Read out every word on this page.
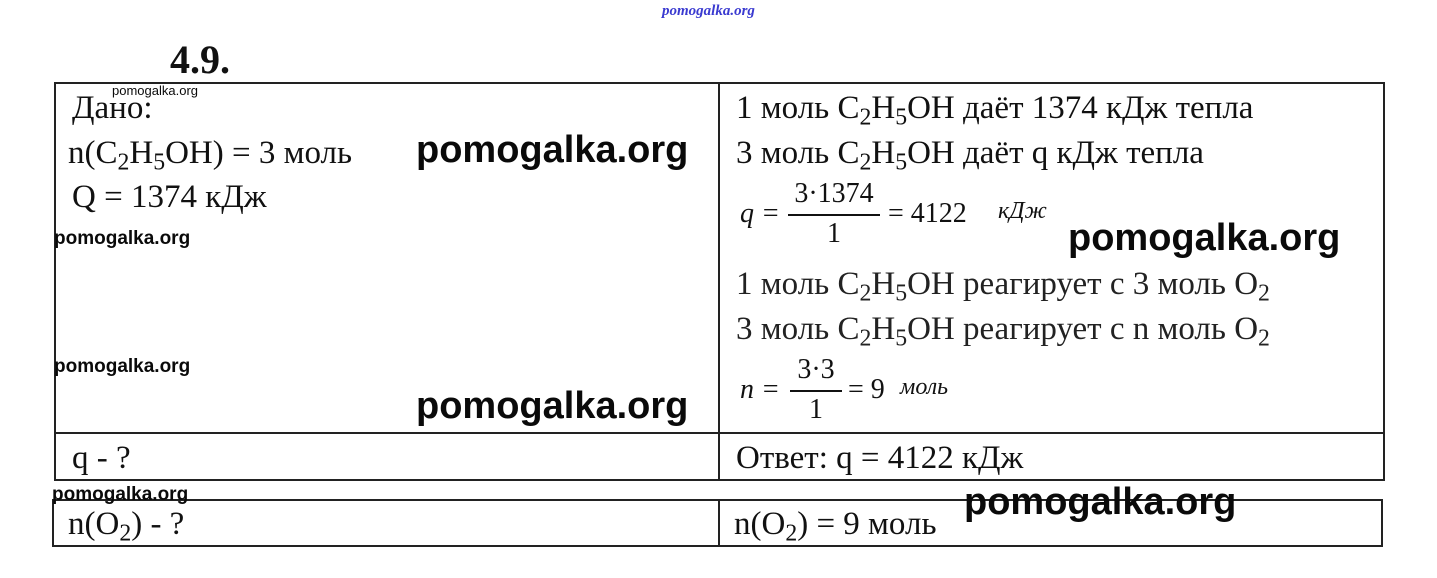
pomogalka.org
4.9.
Дано:
$n(C_2H_5OH) = 3$ моль
Q = 1374 кДж
1 моль $C_2H_5OH$ даёт 1374 кДж тепла
3 моль $C_2H_5OH$ даёт q кДж тепла
q =
3·1374
1
= 4122 кДж
1 моль $C_2H_5OH$ реагирует с 3 моль $O_2$
3 моль $C_2H_5OH$ реагирует с n моль $O_2$
n =
3·3
1
= 9 моль
q - ?	Ответ: q = 4122 кДж
$n(O_2)$ - ?	$n(O_2) = 9$ моль
pomogalka.org
pomogalka.org
pomogalka.org	pomogalka.org
pomogalka.org
pomogalka.org
pomogalka.org	pomogalka.org
